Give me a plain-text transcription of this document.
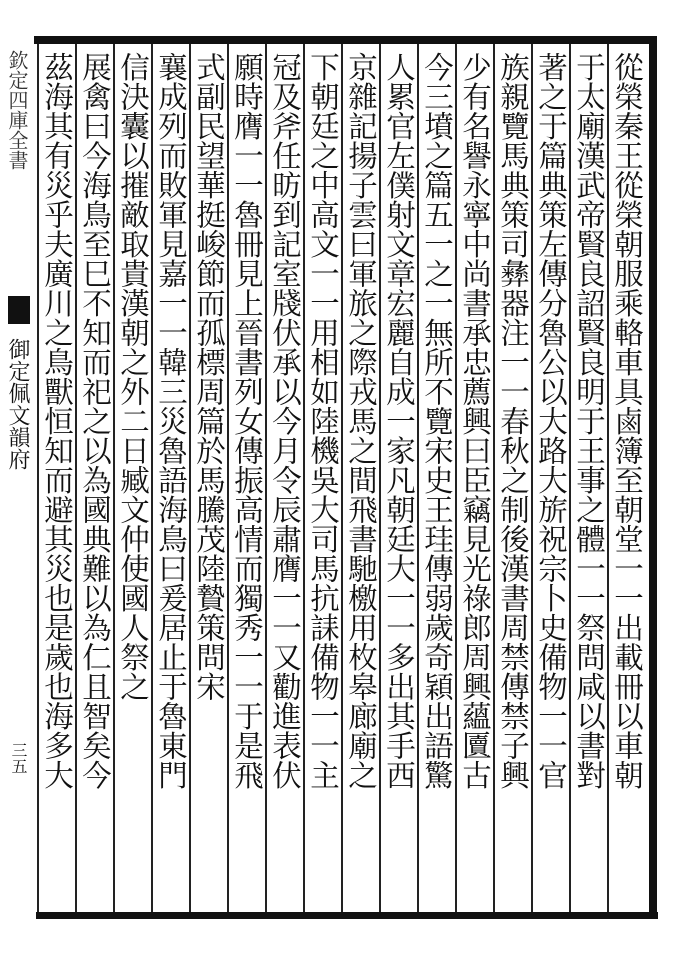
欽定四庫全書
御定佩文韻府
三五	從榮秦王從榮朝服乘輅車具鹵簿至朝堂一一出載冊以車朝
于太廟漢武帝賢良詔賢良明于王事之體一一祭問咸以書對
著之于篇典策左傳分魯公以大路大旂祝宗卜史備物一一官
族親覽馬典策司彝器注一一春秋之制後漢書周禁傳禁子興
少有名譽永寧中尚書承忠薦興曰臣竊見光祿郎周興蘊匵古
今三墳之篇五一之一無所不覽宋史王珪傳弱歲奇穎出語驚
人累官左僕射文章宏麗自成一家凡朝廷大一一多出其手西
京雜記揚子雲曰軍旅之際戎馬之間飛書馳檄用枚皋廊廟之
下朝廷之中高文一一用相如陸機吳大司馬抗誄備物一一主
冠及斧任昉到記室牋伏承以今月令辰肅膺一一又勸進表伏
願時膺一一魯冊見上晉書列女傳振高情而獨秀一一于是飛
式副民望華挺峻節而孤標周篇於馬騰茂陸贄策問宋
襄成列而敗軍見嘉一一韓三災魯語海鳥曰爰居止于魯東門
信決囊以摧敵取貴漢朝之外二日臧文仲使國人祭之
展禽曰今海鳥至巳不知而祀之以為國典難以為仁且智矣今
茲海其有災乎夫廣川之鳥獸恒知而避其災也是歲也海多大
